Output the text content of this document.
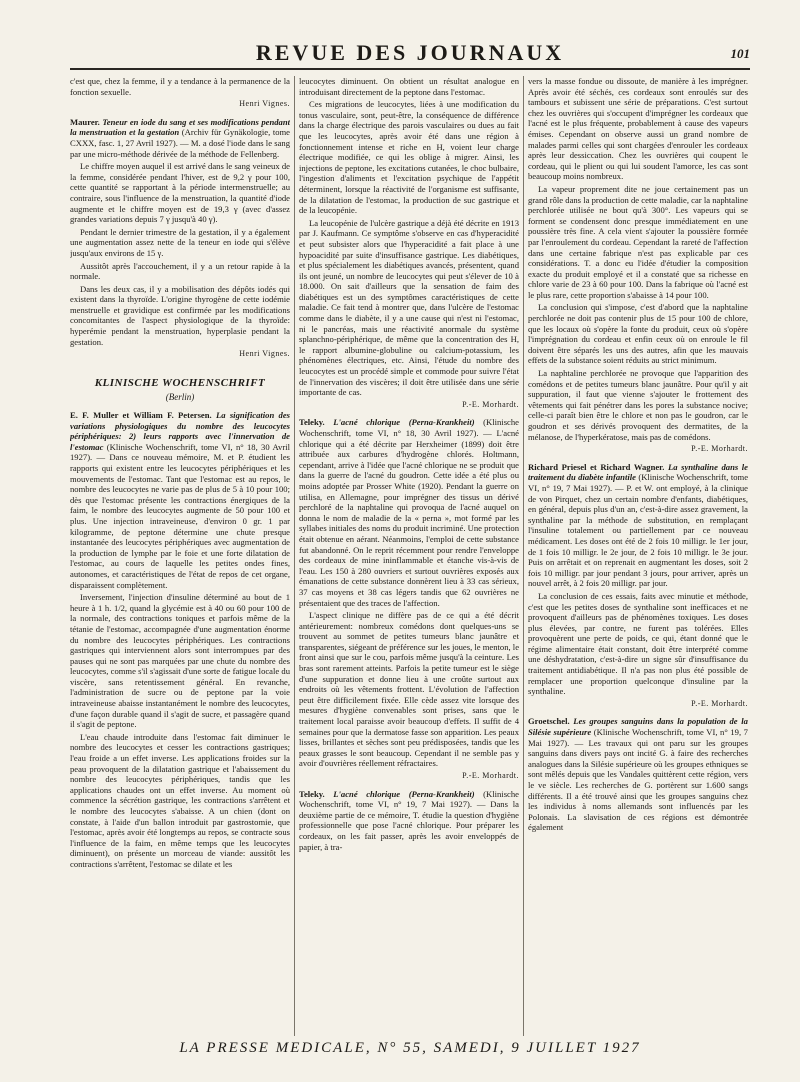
REVUE DES JOURNAUX	101

c'est que, chez la femme, il y a tendance à la permanence de la fonction sexuelle.

Henri Vignes.

Maurer. Teneur en iode du sang et ses modifications pendant la menstruation et la gestation (Archiv für Gynäkologie, tome CXXX, fasc. 1, 27 Avril 1927). — M. a dosé l'iode dans le sang par une micro-méthode dérivée de la méthode de Fellenberg.

Le chiffre moyen auquel il est arrivé dans le sang veineux de la femme, considérée pendant l'hiver, est de 9,2 γ pour 100, cette quantité se rapportant à la période intermenstruelle; au contraire, sous l'influence de la menstruation, la quantité d'iode augmente et le chiffre moyen est de 19,3 γ (avec d'assez grandes variations depuis 7 γ jusqu'à 40 γ).

Pendant le dernier trimestre de la gestation, il y a également une augmentation assez nette de la teneur en iode qui s'élève jusqu'aux environs de 15 γ.

Aussitôt après l'accouchement, il y a un retour rapide à la normale.

Dans les deux cas, il y a mobilisation des dépôts iodés qui existent dans la thyroïde. L'origine thyrogène de cette iodémie menstruelle et gravidique est confirmée par les modifications concomitantes de l'aspect physiologique de la thyroïde: hyperémie pendant la menstruation, hyperplasie pendant la gestation.

Henri Vignes.
KLINISCHE WOCHENSCHRIFT
(Berlin)

E. F. Muller et William F. Petersen. La signification des variations physiologiques du nombre des leucocytes périphériques: 2) leurs rapports avec l'innervation de l'estomac (Klinische Wochenschrift, tome VI, n° 18, 30 Avril 1927). — Dans ce nouveau mémoire, M. et P. étudient les rapports qui existent entre les leucocytes périphériques et les mouvements de l'estomac. Tant que l'estomac est au repos, le nombre des leucocytes ne varie pas de plus de 5 à 10 pour 100; dès que l'estomac présente les contractions énergiques de la faim, le nombre des leucocytes augmente de 50 pour 100 et plus. Une injection intraveineuse, d'environ 0 gr. 1 par kilogramme, de peptone détermine une chute presque instantanée des leucocytes périphériques avec augmentation de la production de lymphe par le foie et une forte dilatation de l'estomac, au cours de laquelle les petites ondes fines, autonomes, et caractéristiques de l'état de repos de cet organe, disparaissent complètement.

Inversement, l'injection d'insuline déterminé au bout de 1 heure à 1 h. 1/2, quand la glycémie est à 40 ou 60 pour 100 de la normale, des contractions toniques et parfois même de la tétanie de l'estomac, accompagnée d'une augmentation énorme du nombre des leucocytes périphériques. Les contractions gastriques qui interviennent alors sont interrompues par des pauses qui ne sont pas marquées par une chute du nombre des leucocytes, comme s'il s'agissait d'une sorte de fatigue locale du viscère, sans retentissement général. En revanche, l'administration de sucre ou de peptone par la voie intraveineuse abaisse instantanément le nombre des leucocytes, d'une façon durable quand il s'agit de sucre, et passagère quand il s'agit de peptone.

L'eau chaude introduite dans l'estomac fait diminuer le nombre des leucocytes et cesser les contractions gastriques; l'eau froide a un effet inverse. Les applications froides sur la peau provoquent de la dilatation gastrique et l'abaissement du nombre des leucocytes périphériques, tandis que les applications chaudes ont un effet inverse. Au moment où commence la sécrétion gastrique, les contractions s'arrêtent et le nombre des leucocytes s'abaisse. A un chien (dont on constate, à l'aide d'un ballon introduit par gastrostomie, que l'estomac, après avoir été longtemps au repos, se contracte sous l'influence de la faim, en même temps que les leucocytes diminuent), on présente un morceau de viande: aussitôt les contractions s'arrêtent, l'estomac se dilate et les

leucocytes diminuent. On obtient un résultat analogue en introduisant directement de la peptone dans l'estomac.

Ces migrations de leucocytes, liées à une modification du tonus vasculaire, sont, peut-être, la conséquence de différence dans la charge électrique des parois vasculaires ou dues au fait que les leucocytes, après avoir été dans une région à fonctionnement intense et riche en H, voient leur charge électrique modifiée, ce qui les oblige à migrer. Ainsi, les injections de peptone, les excitations cutanées, le choc bulbaire, l'ingestion d'aliments et l'excitation psychique de l'appétit déterminent, lorsque la réactivité de l'organisme est suffisante, de la dilatation de l'estomac, la production de suc gastrique et de la leucopénie.

La leucopénie de l'ulcère gastrique a déjà été décrite en 1913 par J. Kaufmann. Ce symptôme s'observe en cas d'hyperacidité et peut subsister alors que l'hyperacidité a fait place à une hypoacidité par suite d'insuffisance gastrique. Les diabétiques, et plus spécialement les diabétiques avancés, présentent, quand ils ont jeuné, un nombre de leucocytes qui peut s'élever de 10 à 18.000. On sait d'ailleurs que la sensation de faim des diabétiques est un des symptômes caractéristiques de cette maladie. Ce fait tend à montrer que, dans l'ulcère de l'estomac comme dans le diabète, il y a une cause qui n'est ni l'estomac, ni le pancréas, mais une réactivité anormale du système splanchno-périphérique, de même que la concentration des H, le rapport albumine-globuline ou calcium-potassium, les phénomènes électriques, etc. Ainsi, l'étude du nombre des leucocytes est un procédé simple et commode pour suivre l'état de l'innervation des viscères; il doit être utilisée dans une série importante de cas.

P.-E. Morhardt.

Teleky. L'acné chlorique (Perna-Krankheit) (Klinische Wochenschrift, tome VI, n° 18, 30 Avril 1927). — L'acné chlorique qui a été décrite par Herxheimer (1899) doit être attribuée aux carbures d'hydrogène chlorés. Holtmann, cependant, arrive à l'idée que l'acné chlorique ne se produit que dans la guerre de l'acné du goudron. Cette idée a été plus ou moins adoptée par Prosser White (1920). Pendant la guerre on utilisa, en Allemagne, pour imprégner des tissus un dérivé perchloré de la naphtaline qui provoqua de l'acné auquel on donna le nom de maladie de la « perna », mot formé par les syllabes initiales des noms du produit incriminé. Une protection était obtenue en aérant. Néanmoins, l'emploi de cette substance fut abandonné. On le reprit récemment pour rendre l'enveloppe des cordeaux de mine ininflammable et étanche vis-à-vis de l'eau. Les 150 à 280 ouvriers et surtout ouvrières exposés aux émanations de cette substance donnèrent lieu à 33 cas sérieux, 37 cas moyens et 38 cas légers tandis que 62 ouvrières ne présentaient que des traces de l'affection.

L'aspect clinique ne diffère pas de ce qui a été décrit antérieurement: nombreux comédons dont quelques-uns se trouvent au sommet de petites tumeurs blanc jaunâtre et transparentes, siégeant de préférence sur les joues, le menton, le front ainsi que sur le cou, parfois même jusqu'à la ceinture. Les bras sont rarement atteints. Parfois la petite tumeur est le siège d'une suppuration et donne lieu à une croûte surtout aux endroits où les vêtements frottent. L'évolution de l'affection peut être difficilement fixée. Elle cède assez vite lorsque des mesures d'hygiène convenables sont prises, sans que le traitement local paraisse avoir beaucoup d'effets. Il suffit de 4 semaines pour que la dermatose fasse son apparition. Les peaux lisses, brillantes et sèches sont peu prédisposées, tandis que les peaux grasses le sont beaucoup. Cependant il ne semble pas y avoir d'ouvrières réellement réfractaires.

P.-E. Morhardt.

Teleky. L'acné chlorique (Perna-Krankheit) (Klinische Wochenschrift, tome VI, n° 19, 7 Mai 1927). — Dans la deuxième partie de ce mémoire, T. étudie la question d'hygiène professionnelle que pose l'acné chlorique. Pour préparer les cordeaux, on les fait passer, après les avoir enveloppés de papier, à tra-

vers la masse fondue ou dissoute, de manière à les imprégner. Après avoir été séchés, ces cordeaux sont enroulés sur des tambours et subissent une série de préparations. C'est surtout chez les ouvrières qui s'occupent d'imprégner les cordeaux que l'acné est le plus fréquente, probablement à cause des vapeurs émises. Cependant on observe aussi un grand nombre de malades parmi celles qui sont chargées d'enrouler les cordeaux après leur dessiccation. Chez les ouvrières qui coupent le cordeau, qui le plient ou qui lui soudent l'amorce, les cas sont beaucoup moins nombreux.

La vapeur proprement dite ne joue certainement pas un grand rôle dans la production de cette maladie, car la naphtaline perchlorée utilisée ne bout qu'à 300°. Les vapeurs qui se forment se condensent donc presque immédiatement en une poussière très fine. A cela vient s'ajouter la poussière formée par l'enroulement du cordeau. Cependant la rareté de l'affection dans une certaine fabrique n'est pas explicable par ces considérations. T. a donc eu l'idée d'étudier la composition exacte du produit employé et il a constaté que sa richesse en chlore varie de 23 à 60 pour 100. Dans la fabrique où l'acné est le plus rare, cette proportion s'abaisse à 14 pour 100.

La conclusion qui s'impose, c'est d'abord que la naphtaline perchlorée ne doit pas contenir plus de 15 pour 100 de chlore, que les locaux où s'opère la fonte du produit, ceux où s'opère l'imprégnation du cordeau et enfin ceux où on enroule le fil doivent être séparés les uns des autres, afin que les mauvais effets de la substance soient réduits au strict minimum.

La naphtaline perchlorée ne provoque que l'apparition des comédons et de petites tumeurs blanc jaunâtre. Pour qu'il y ait suppuration, il faut que vienne s'ajouter le frottement des vêtements qui fait pénétrer dans les pores la substance nocive; celle-ci paraît bien être le chlore et non pas le goudron, car le goudron et ses dérivés provoquent des dermatites, de la mélanose, de l'hyperkératose, mais pas de comédons.

P.-E. Morhardt.

Richard Priesel et Richard Wagner. La synthaline dans le traitement du diabète infantile (Klinische Wochenschrift, tome VI, n° 19, 7 Mai 1927). — P. et W. ont employé, à la clinique de von Pirquet, chez un certain nombre d'enfants, diabétiques, en général, depuis plus d'un an, c'est-à-dire assez gravement, la synthaline par la méthode de substitution, en remplaçant l'insuline totalement ou partiellement par ce nouveau médicament. Les doses ont été de 2 fois 10 milligr. le 1er jour, de 1 fois 10 milligr. le 2e jour, de 2 fois 10 milligr. le 3e jour. Puis on arrêtait et on reprenait en augmentant les doses, soit 2 fois 10 milligr. par jour pendant 3 jours, pour arriver, après un nouvel arrêt, à 2 fois 20 milligr. par jour.

La conclusion de ces essais, faits avec minutie et méthode, c'est que les petites doses de synthaline sont inefficaces et ne provoquent d'ailleurs pas de phénomènes toxiques. Les doses plus élevées, par contre, ne furent pas tolérées. Elles provoquèrent une perte de poids, ce qui, étant donné que le régime alimentaire était constant, doit être interprété comme une déshydratation, c'est-à-dire un signe sûr d'insuffisance du traitement antidiabétique. Il n'a pas non plus été possible de remplacer une proportion quelconque d'insuline par la synthaline.

P.-E. Morhardt.

Groetschel. Les groupes sanguins dans la population de la Silésie supérieure (Klinische Wochenschrift, tome VI, n° 19, 7 Mai 1927). — Les travaux qui ont paru sur les groupes sanguins dans divers pays ont incité G. à faire des recherches analogues dans la Silésie supérieure où les groupes ethniques se sont mêlés depuis que les Vandales quittèrent cette région, vers le ve siècle. Les recherches de G. portèrent sur 1.600 sangs différents. Il a été trouvé ainsi que les groupes sanguins chez les individus à noms allemands sont influencés par les Polonais. La slavisation de ces régions est démontrée également

LA PRESSE MEDICALE, N° 55, SAMEDI, 9 JUILLET 1927
